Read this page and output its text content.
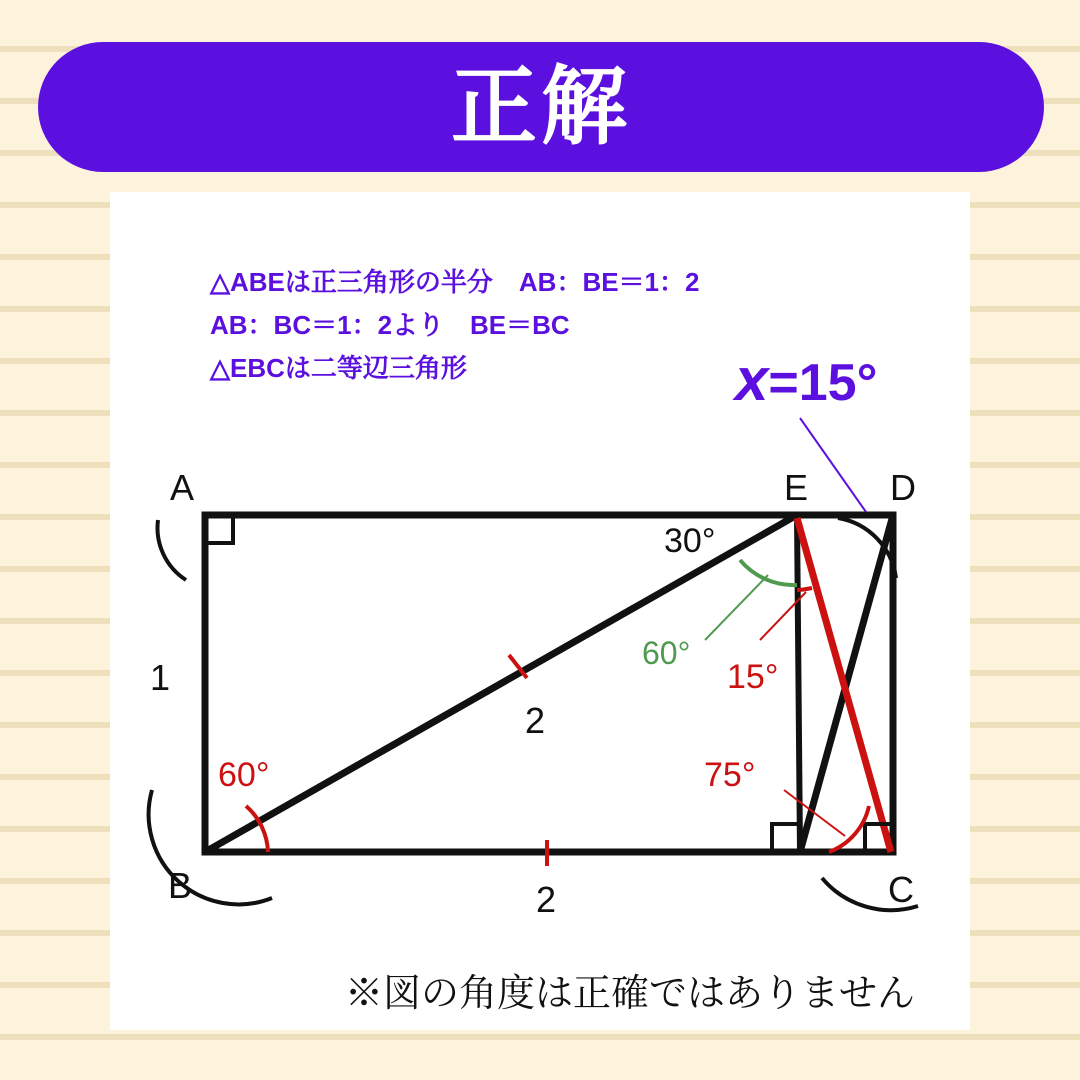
正解
△ABEは正三角形の半分　AB：BE＝1：2
AB：BC＝1：2より　BE＝BC
△EBCは二等辺三角形	x=15°
A
B	C
D
E
1
2
2
30°
60°
15°
60°	75°
※図の角度は正確ではありません
